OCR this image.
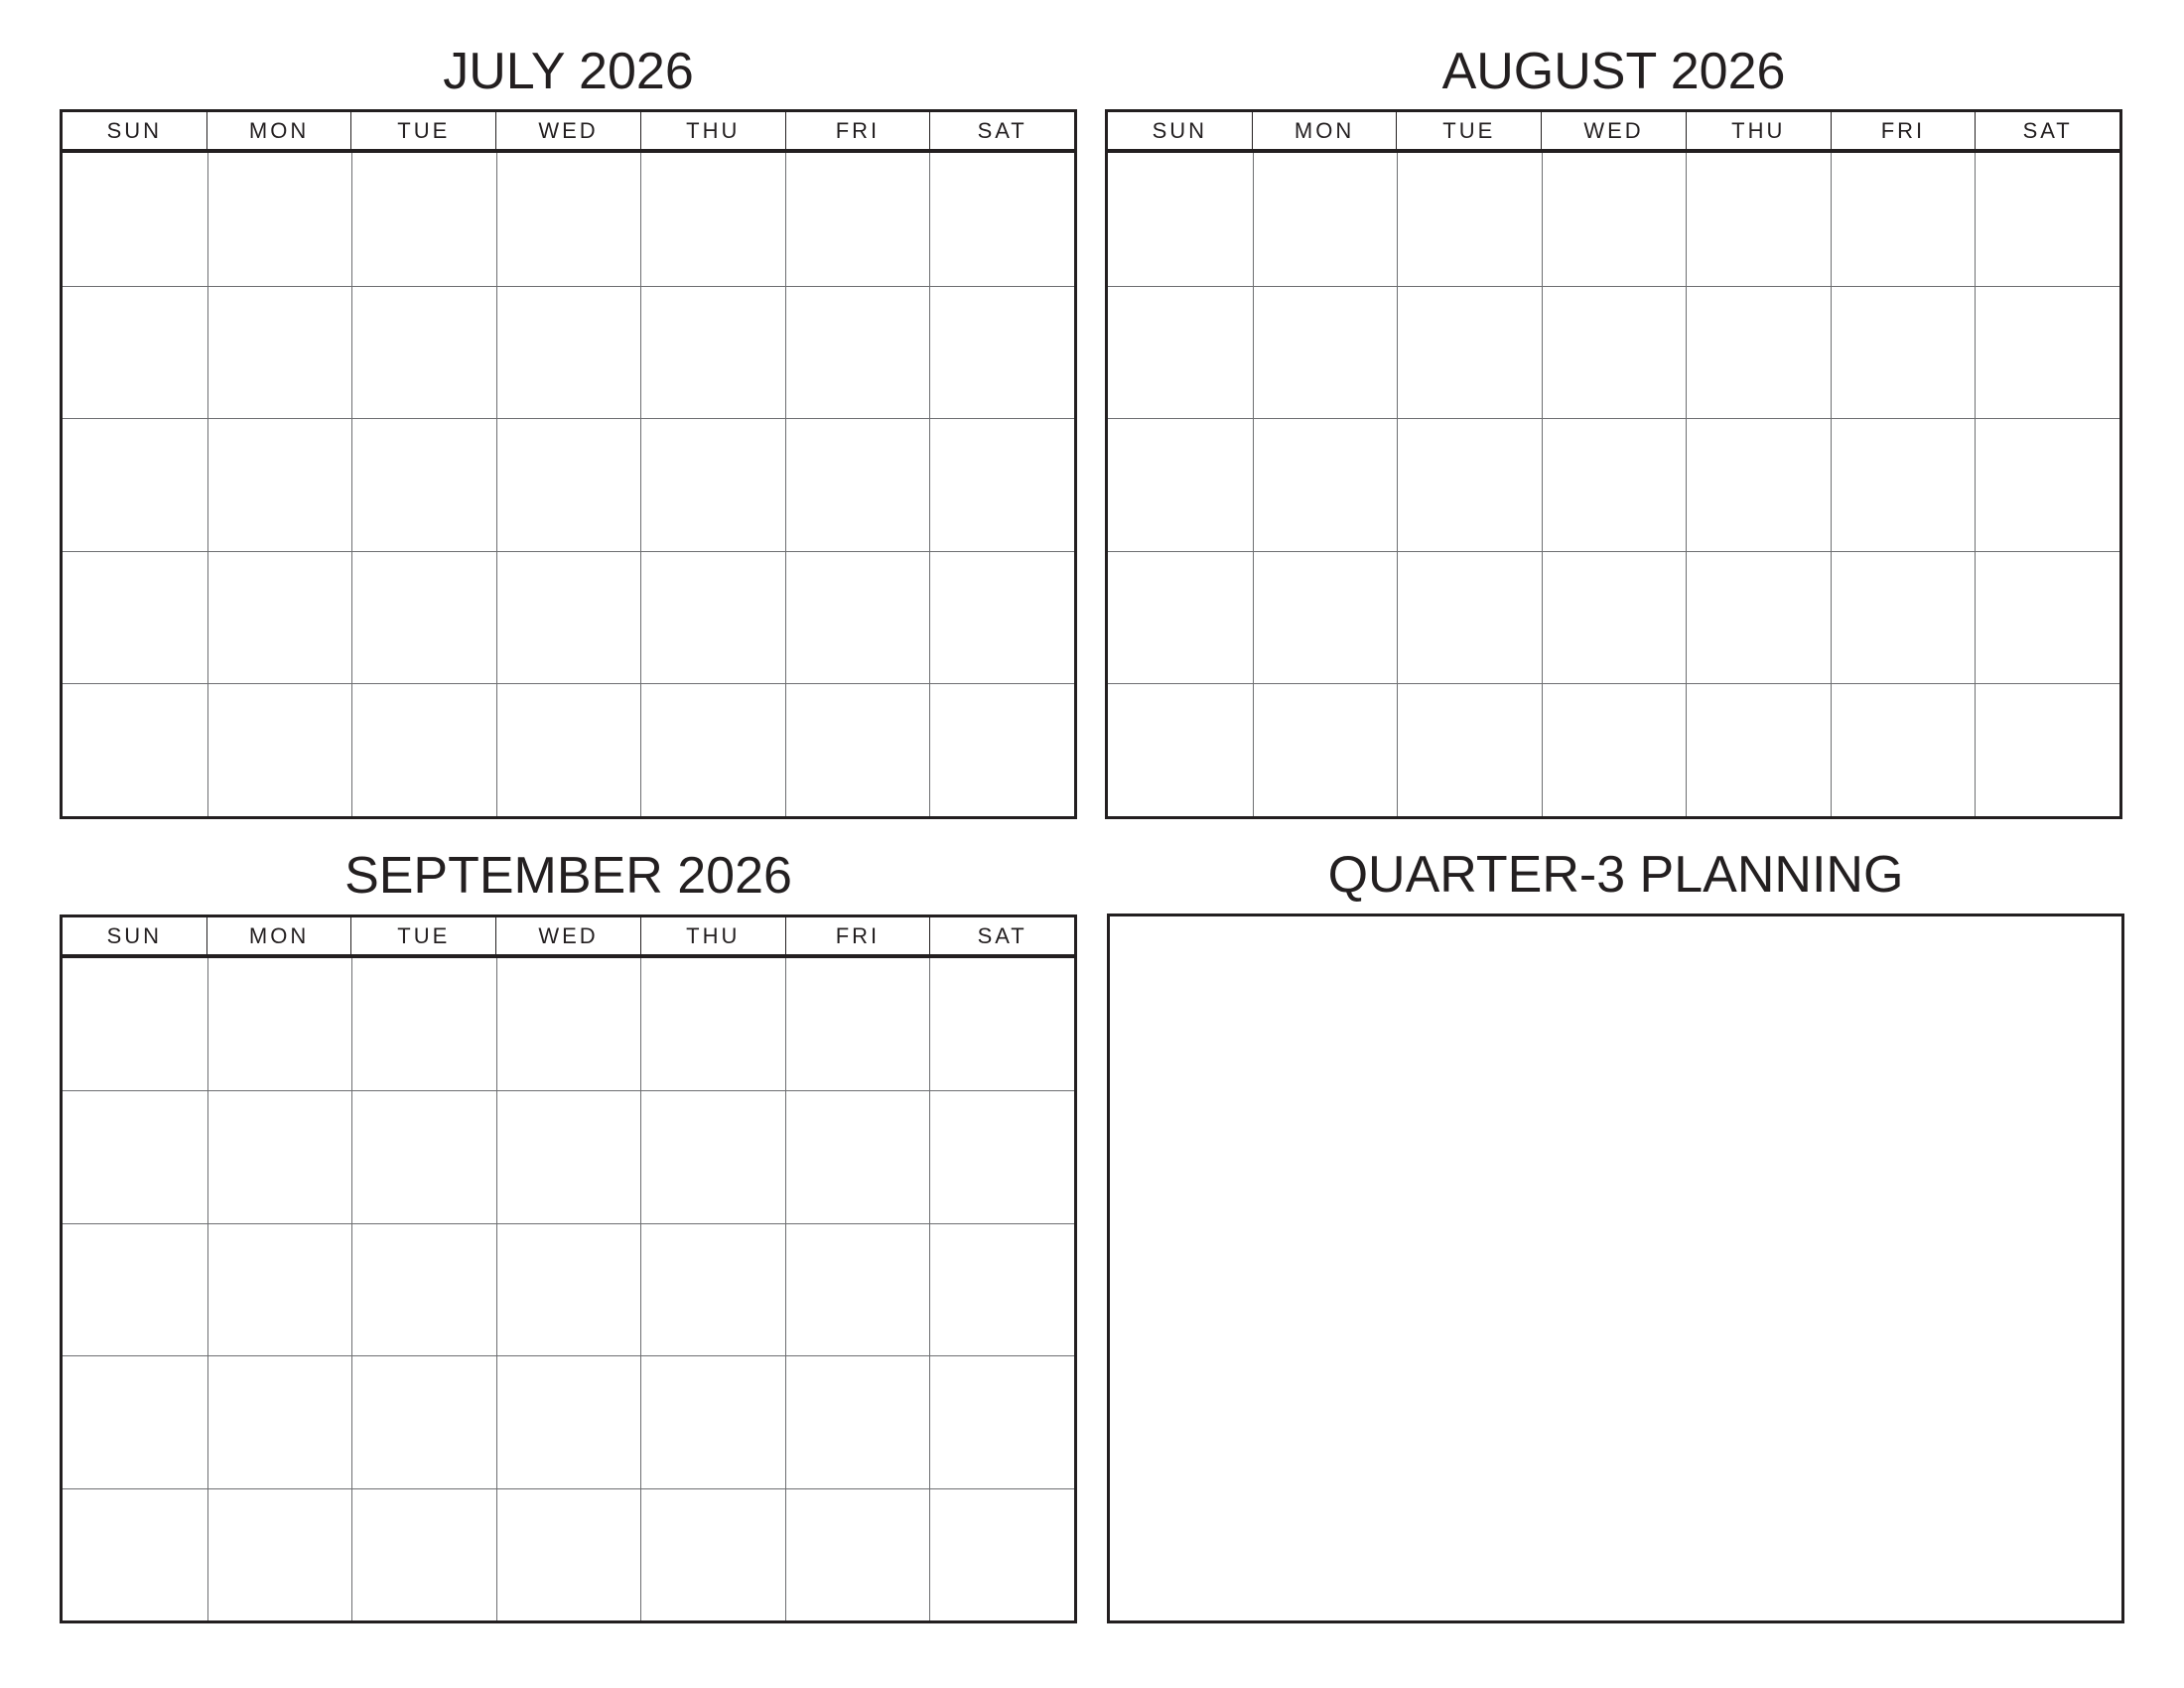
JULY 2026
SUN	MON	TUE	WED	THU	FRI	SAT
AUGUST 2026
SUN	MON	TUE	WED	THU	FRI	SAT
SEPTEMBER 2026
SUN	MON	TUE	WED	THU	FRI	SAT
QUARTER-3 PLANNING
